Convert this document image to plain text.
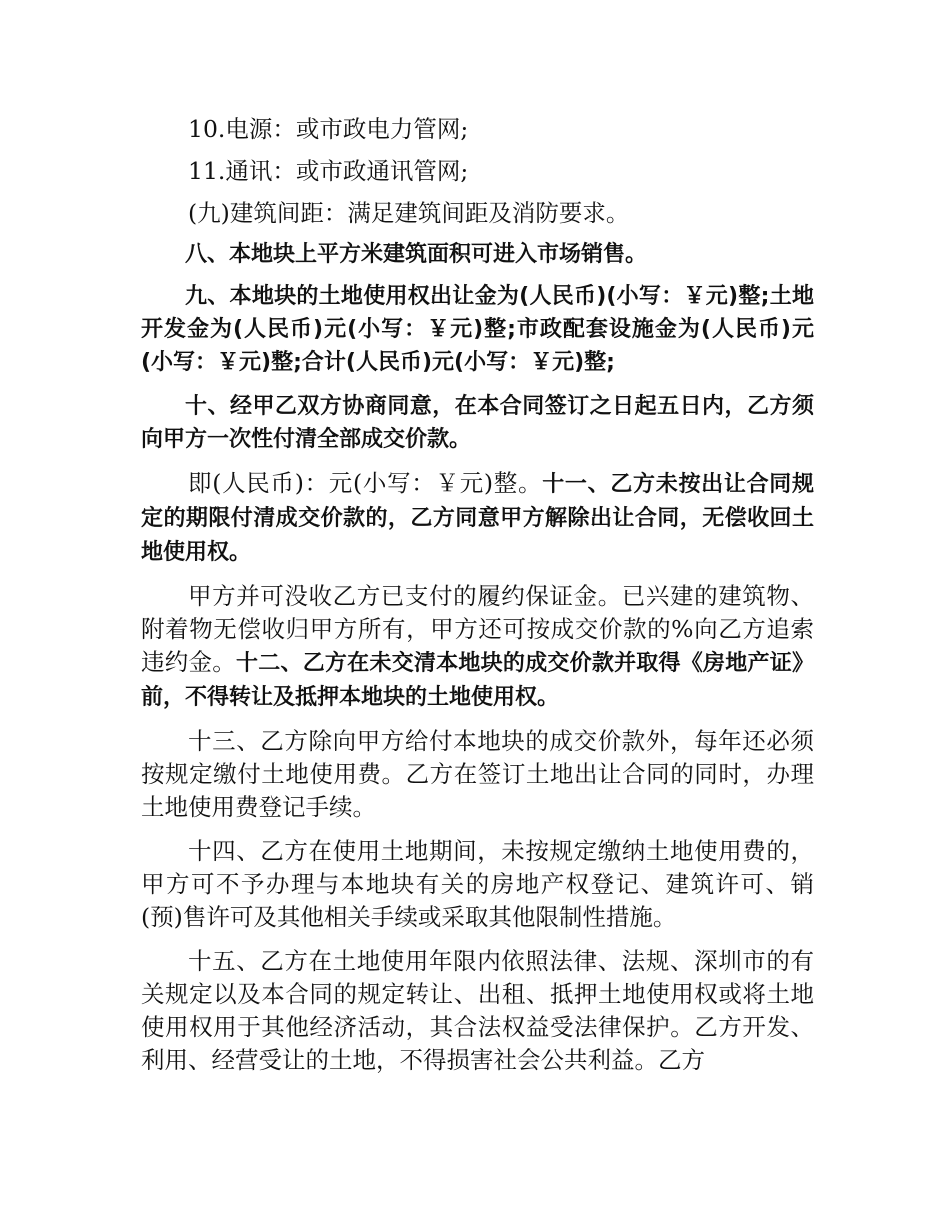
10.电源：或市政电力管网;

11.通讯：或市政通讯管网;

(九)建筑间距：满足建筑间距及消防要求。

八、本地块上平方米建筑面积可进入市场销售。

九、本地块的土地使用权出让金为(人民币)(小写：￥元)整;土地开发金为(人民币)元(小写：￥元)整;市政配套设施金为(人民币)元(小写：￥元)整;合计(人民币)元(小写：￥元)整;

十、经甲乙双方协商同意，在本合同签订之日起五日内，乙方须向甲方一次性付清全部成交价款。

即(人民币)：元(小写：￥元)整。十一、乙方未按出让合同规定的期限付清成交价款的，乙方同意甲方解除出让合同，无偿收回土地使用权。

甲方并可没收乙方已支付的履约保证金。已兴建的建筑物、附着物无偿收归甲方所有，甲方还可按成交价款的%向乙方追索违约金。十二、乙方在未交清本地块的成交价款并取得《房地产证》前，不得转让及抵押本地块的土地使用权。

十三、乙方除向甲方给付本地块的成交价款外，每年还必须按规定缴付土地使用费。乙方在签订土地出让合同的同时，办理土地使用费登记手续。

十四、乙方在使用土地期间，未按规定缴纳土地使用费的，甲方可不予办理与本地块有关的房地产权登记、建筑许可、销(预)售许可及其他相关手续或采取其他限制性措施。

十五、乙方在土地使用年限内依照法律、法规、深圳市的有关规定以及本合同的规定转让、出租、抵押土地使用权或将土地使用权用于其他经济活动，其合法权益受法律保护。乙方开发、利用、经营受让的土地，不得损害社会公共利益。乙方
